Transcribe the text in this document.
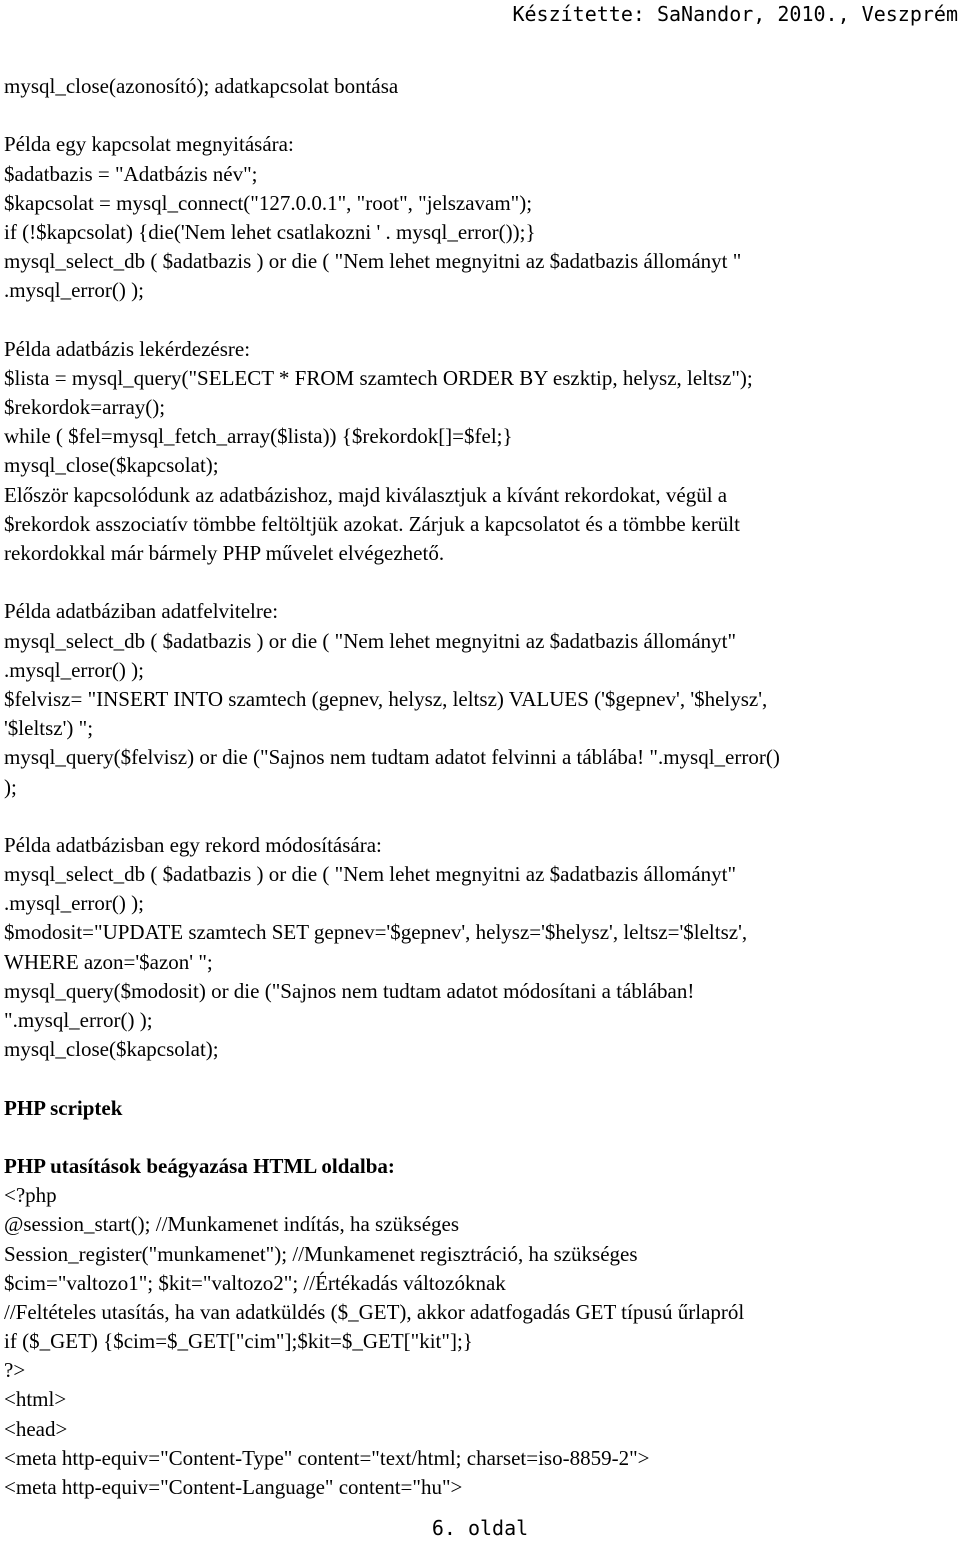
Készítette: SaNandor, 2010., Veszprém
mysql_close(azonosító); adatkapcsolat bontása
Példa egy kapcsolat megnyitására:
$adatbazis = "Adatbázis név";
$kapcsolat = mysql_connect("127.0.0.1", "root", "jelszavam");
if (!$kapcsolat) {die('Nem lehet csatlakozni ' . mysql_error());}
mysql_select_db ( $adatbazis ) or die ( "Nem lehet megnyitni az $adatbazis állományt "
.mysql_error() );
Példa adatbázis lekérdezésre:
$lista = mysql_query("SELECT * FROM szamtech ORDER BY eszktip, helysz, leltsz");
$rekordok=array();
while ( $fel=mysql_fetch_array($lista)) {$rekordok[]=$fel;}
mysql_close($kapcsolat);
Először kapcsolódunk az adatbázishoz, majd kiválasztjuk a kívánt rekordokat, végül a
$rekordok asszociatív tömbbe feltöltjük azokat. Zárjuk a kapcsolatot és a tömbbe került
rekordokkal már bármely PHP művelet elvégezhető.
Példa adatbáziban adatfelvitelre:
mysql_select_db ( $adatbazis ) or die ( "Nem lehet megnyitni az $adatbazis állományt"
.mysql_error() );
$felvisz= "INSERT INTO szamtech (gepnev, helysz, leltsz) VALUES ('$gepnev', '$helysz',
'$leltsz') ";
mysql_query($felvisz) or die ("Sajnos nem tudtam adatot felvinni a táblába! ".mysql_error()
);
Példa adatbázisban egy rekord módosítására:
mysql_select_db ( $adatbazis ) or die ( "Nem lehet megnyitni az $adatbazis állományt"
.mysql_error() );
$modosit="UPDATE szamtech SET gepnev='$gepnev', helysz='$helysz', leltsz='$leltsz',
WHERE azon='$azon' ";
mysql_query($modosit) or die ("Sajnos nem tudtam adatot módosítani a táblában!
".mysql_error() );
mysql_close($kapcsolat);
PHP scriptek
PHP utasítások beágyazása HTML oldalba:
<?php
@session_start(); //Munkamenet indítás, ha szükséges
Session_register("munkamenet"); //Munkamenet regisztráció, ha szükséges
$cim="valtozo1"; $kit="valtozo2"; //Értékadás változóknak
//Feltételes utasítás, ha van adatküldés ($_GET), akkor adatfogadás GET típusú űrlapról
if ($_GET) {$cim=$_GET["cim"];$kit=$_GET["kit"];}
?>
<html>
<head>
<meta http-equiv="Content-Type" content="text/html; charset=iso-8859-2">
<meta http-equiv="Content-Language" content="hu">
6. oldal
